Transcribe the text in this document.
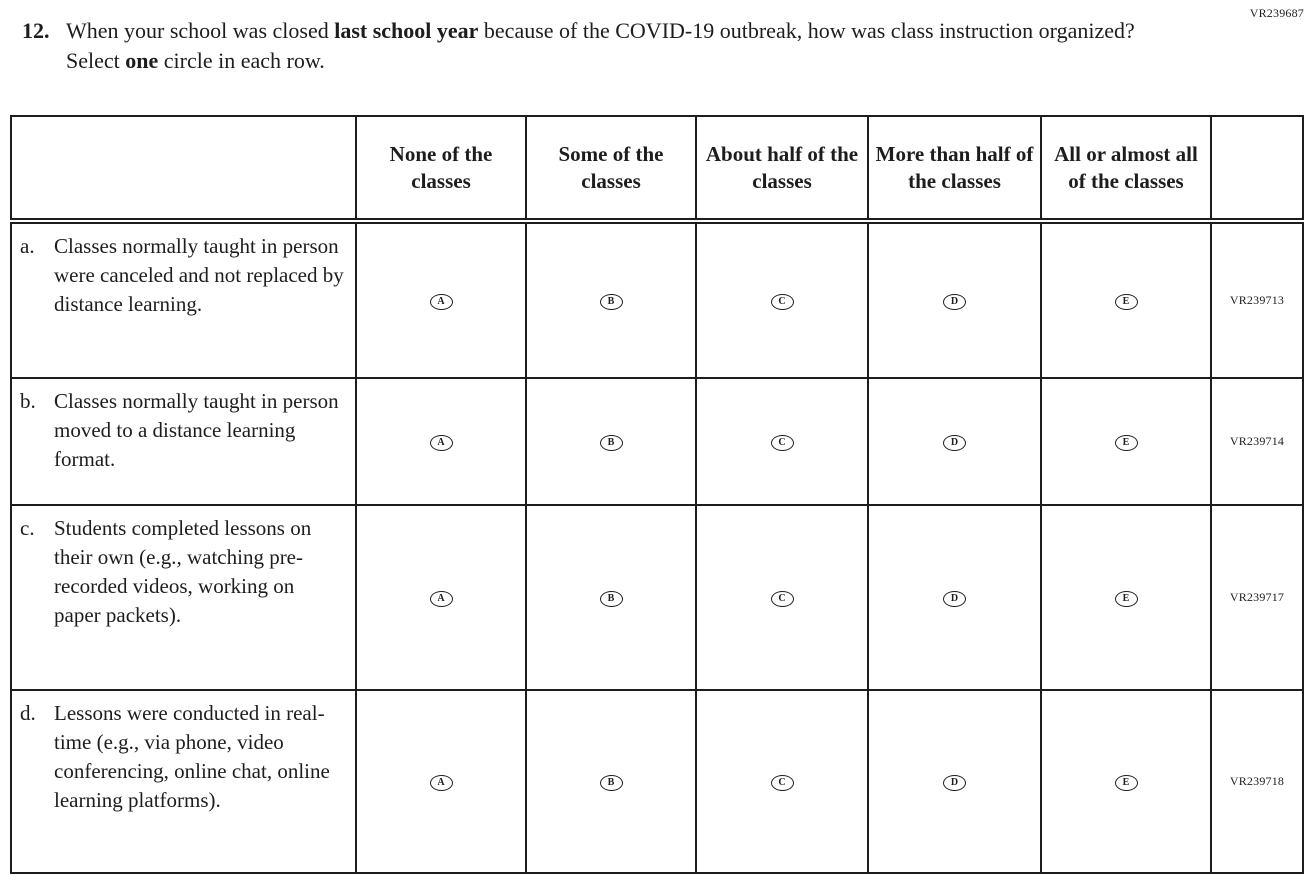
VR239687
12. When your school was closed last school year because of the COVID-19 outbreak, how was class instruction organized? Select one circle in each row.
	None of the classes	Some of the classes	About half of the classes	More than half of the classes	All or almost all of the classes	

a. Classes normally taught in person were canceled and not replaced by distance learning.	A	B	C	D	E	VR239713

b. Classes normally taught in person moved to a distance learning format.	A	B	C	D	E	VR239714

c. Students completed lessons on their own (e.g., watching pre-recorded videos, working on paper packets).	A	B	C	D	E	VR239717

d. Lessons were conducted in real-time (e.g., via phone, video conferencing, online chat, online learning platforms).	A	B	C	D	E	VR239718
